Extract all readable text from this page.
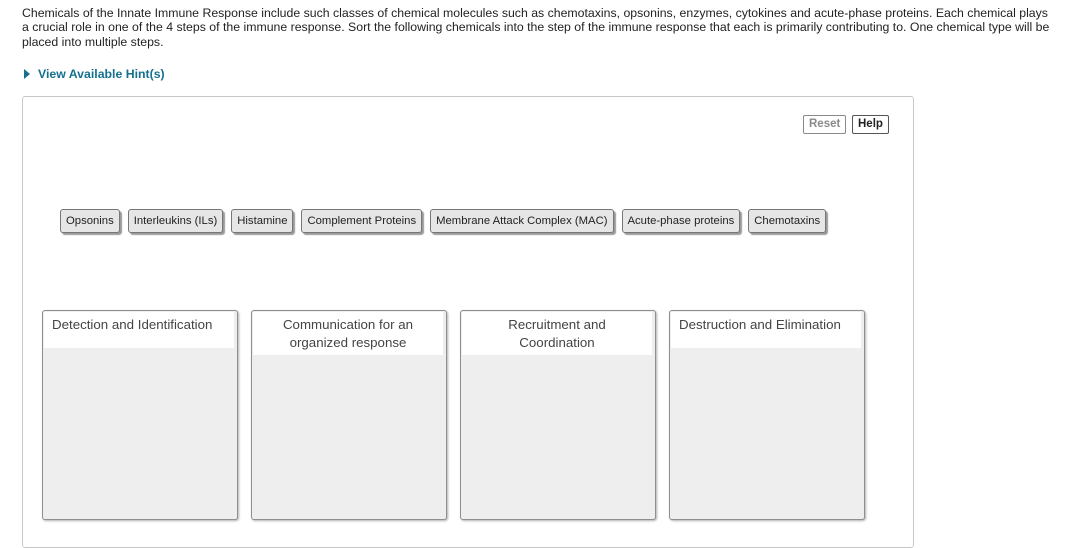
Chemicals of the Innate Immune Response include such classes of chemical molecules such as chemotaxins, opsonins, enzymes, cytokines and acute-phase proteins. Each chemical plays a crucial role in one of the 4 steps of the immune response. Sort the following chemicals into the step of the immune response that each is primarily contributing to. One chemical type will be placed into multiple steps.

View Available Hint(s)
Reset	Help
Opsonins	Interleukins (ILs)	Histamine	Complement Proteins	Membrane Attack Complex (MAC)	Acute-phase proteins	Chemotaxins
Detection and Identification	Communication for an organized response
Recruitment and Coordination
Destruction and Elimination
